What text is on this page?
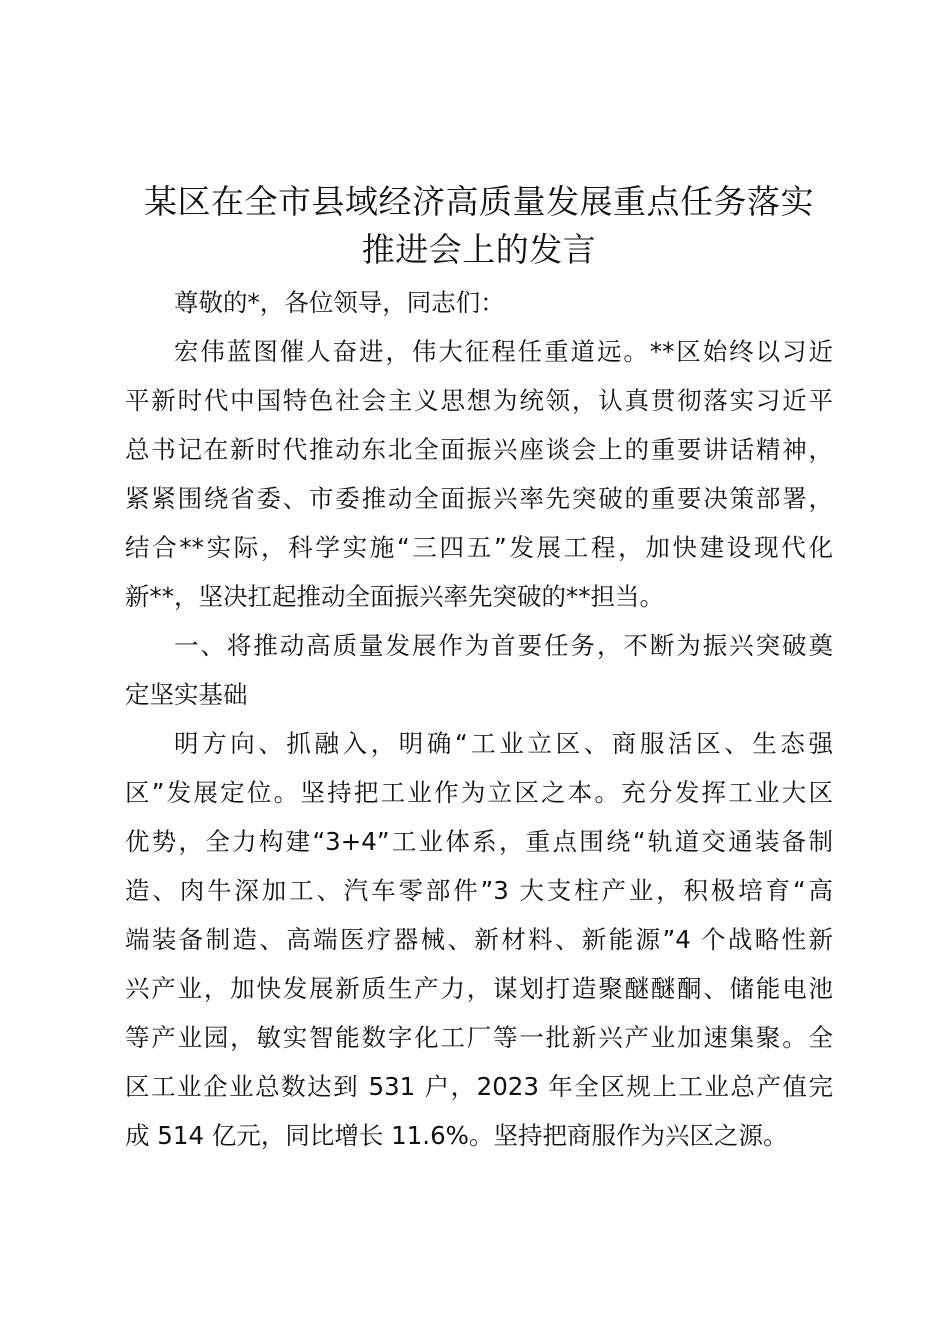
某区在全市县域经济高质量发展重点任务落实
推进会上的发言

尊敬的*，各位领导，同志们：

宏伟蓝图催人奋进，伟大征程任重道远。**区始终以习近
平新时代中国特色社会主义思想为统领，认真贯彻落实习近平
总书记在新时代推动东北全面振兴座谈会上的重要讲话精神，
紧紧围绕省委、市委推动全面振兴率先突破的重要决策部署，
结合**实际，科学实施“三四五”发展工程，加快建设现代化
新**，坚决扛起推动全面振兴率先突破的**担当。
一、将推动高质量发展作为首要任务，不断为振兴突破奠
定坚实基础
明方向、抓融入，明确“工业立区、商服活区、生态强
区”发展定位。坚持把工业作为立区之本。充分发挥工业大区
优势，全力构建“3+4”工业体系，重点围绕“轨道交通装备制
造、肉牛深加工、汽车零部件”3 大支柱产业，积极培育“高
端装备制造、高端医疗器械、新材料、新能源”4 个战略性新
兴产业，加快发展新质生产力，谋划打造聚醚醚酮、储能电池
等产业园，敏实智能数字化工厂等一批新兴产业加速集聚。全
区工业企业总数达到 531 户，2023 年全区规上工业总产值完
成 514 亿元，同比增长 11.6%。坚持把商服作为兴区之源。
